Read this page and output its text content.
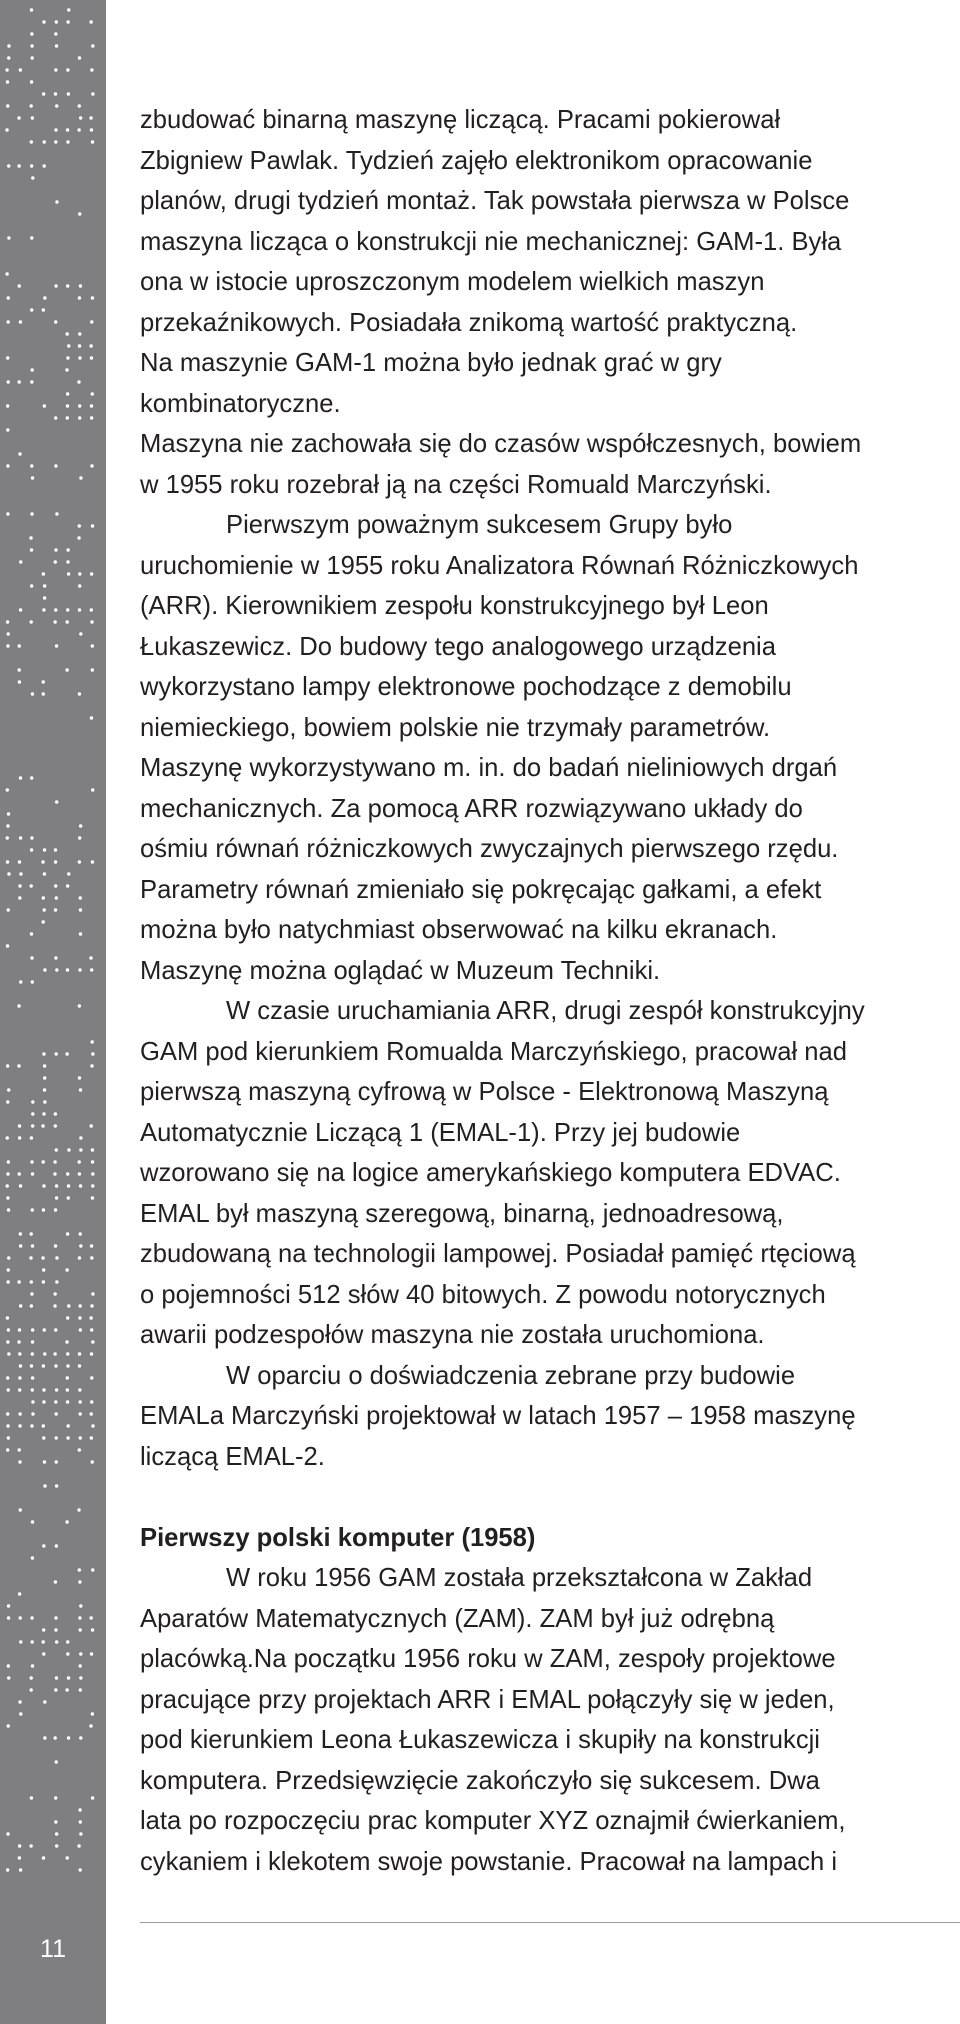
11
zbudować binarną maszynę liczącą. Pracami pokierował
Zbigniew Pawlak. Tydzień zajęło elektronikom opracowanie
planów, drugi tydzień montaż. Tak powstała pierwsza w Polsce
maszyna licząca o konstrukcji nie mechanicznej: GAM-1. Była
ona w istocie uproszczonym modelem wielkich maszyn
przekaźnikowych. Posiadała znikomą wartość praktyczną.
Na maszynie GAM-1 można było jednak grać w gry
kombinatoryczne.
Maszyna nie zachowała się do czasów współczesnych, bowiem
w 1955 roku rozebrał ją na części Romuald Marczyński.
Pierwszym poważnym sukcesem Grupy było
uruchomienie w 1955 roku Analizatora Równań Różniczkowych
(ARR). Kierownikiem zespołu konstrukcyjnego był Leon
Łukaszewicz. Do budowy tego analogowego urządzenia
wykorzystano lampy elektronowe pochodzące z demobilu
niemieckiego, bowiem polskie nie trzymały parametrów.
Maszynę wykorzystywano m. in. do badań nieliniowych drgań
mechanicznych. Za pomocą ARR rozwiązywano układy do
ośmiu równań różniczkowych zwyczajnych pierwszego rzędu.
Parametry równań zmieniało się pokręcając gałkami, a efekt
można było natychmiast obserwować na kilku ekranach.
Maszynę można oglądać w Muzeum Techniki.
W czasie uruchamiania ARR, drugi zespół konstrukcyjny
GAM pod kierunkiem Romualda Marczyńskiego, pracował nad
pierwszą maszyną cyfrową w Polsce - Elektronową Maszyną
Automatycznie Liczącą 1 (EMAL-1). Przy jej budowie
wzorowano się na logice amerykańskiego komputera EDVAC.
EMAL był maszyną szeregową, binarną, jednoadresową,
zbudowaną na technologii lampowej. Posiadał pamięć rtęciową
o pojemności 512 słów 40 bitowych. Z powodu notorycznych
awarii podzespołów maszyna nie została uruchomiona.
W oparciu o doświadczenia zebrane przy budowie
EMALa Marczyński projektował w latach 1957 – 1958 maszynę
liczącą EMAL-2.
Pierwszy polski komputer (1958)
W roku 1956 GAM została przekształcona w Zakład
Aparatów Matematycznych (ZAM). ZAM był już odrębną
placówką.Na początku 1956 roku w ZAM, zespoły projektowe
pracujące przy projektach ARR i EMAL połączyły się w jeden,
pod kierunkiem Leona Łukaszewicza i skupiły na konstrukcji
komputera. Przedsięwzięcie zakończyło się sukcesem. Dwa
lata po rozpoczęciu prac komputer XYZ oznajmił ćwierkaniem,
cykaniem i klekotem swoje powstanie. Pracował na lampach i
